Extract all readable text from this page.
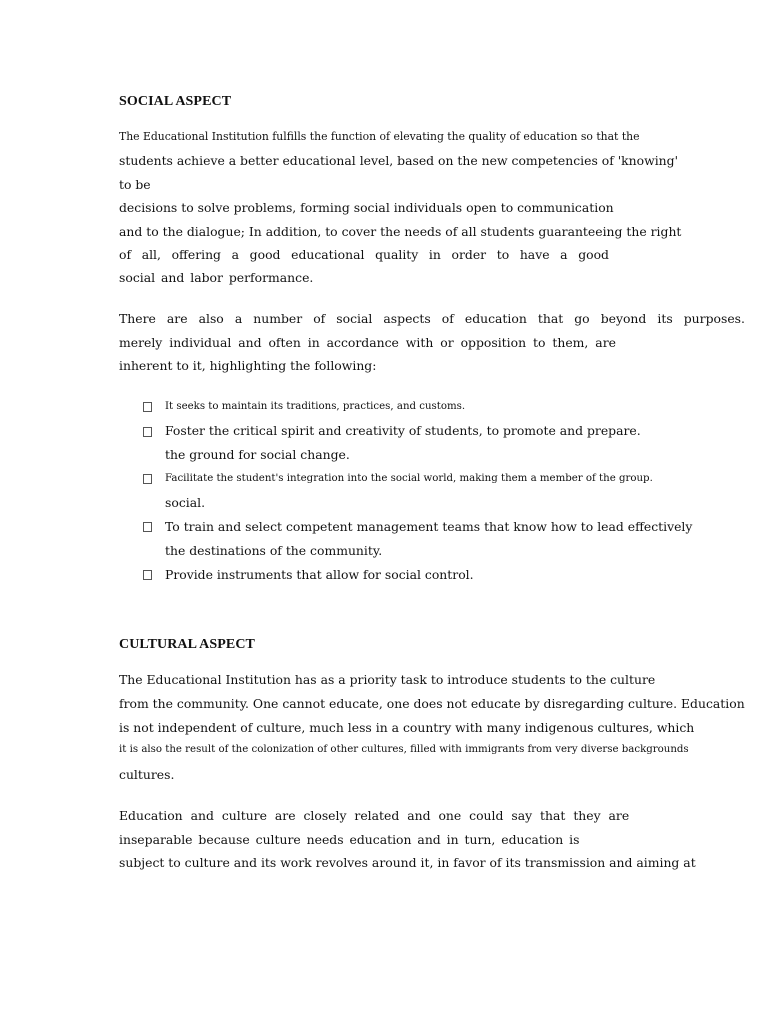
SOCIAL ASPECT
The Educational Institution fulfills the function of elevating the quality of education so that the
students achieve a better educational level, based on the new competencies of 'knowing'
to be
decisions to solve problems, forming social individuals open to communication
and to the dialogue; In addition, to cover the needs of all students guaranteeing the right
of all, offering a good educational quality in order to have a good
social and labor performance.
There are also a number of social aspects of education that go beyond its purposes.
merely individual and often in accordance with or opposition to them, are
inherent to it, highlighting the following:
It seeks to maintain its traditions, practices, and customs.
Foster the critical spirit and creativity of students, to promote and prepare.
the ground for social change.
Facilitate the student's integration into the social world, making them a member of the group.
social.
To train and select competent management teams that know how to lead effectively
the destinations of the community.
Provide instruments that allow for social control.
CULTURAL ASPECT
The Educational Institution has as a priority task to introduce students to the culture
from the community. One cannot educate, one does not educate by disregarding culture. Education
is not independent of culture, much less in a country with many indigenous cultures, which
it is also the result of the colonization of other cultures, filled with immigrants from very diverse backgrounds
cultures.
Education and culture are closely related and one could say that they are
inseparable because culture needs education and in turn, education is
subject to culture and its work revolves around it, in favor of its transmission and aiming at
